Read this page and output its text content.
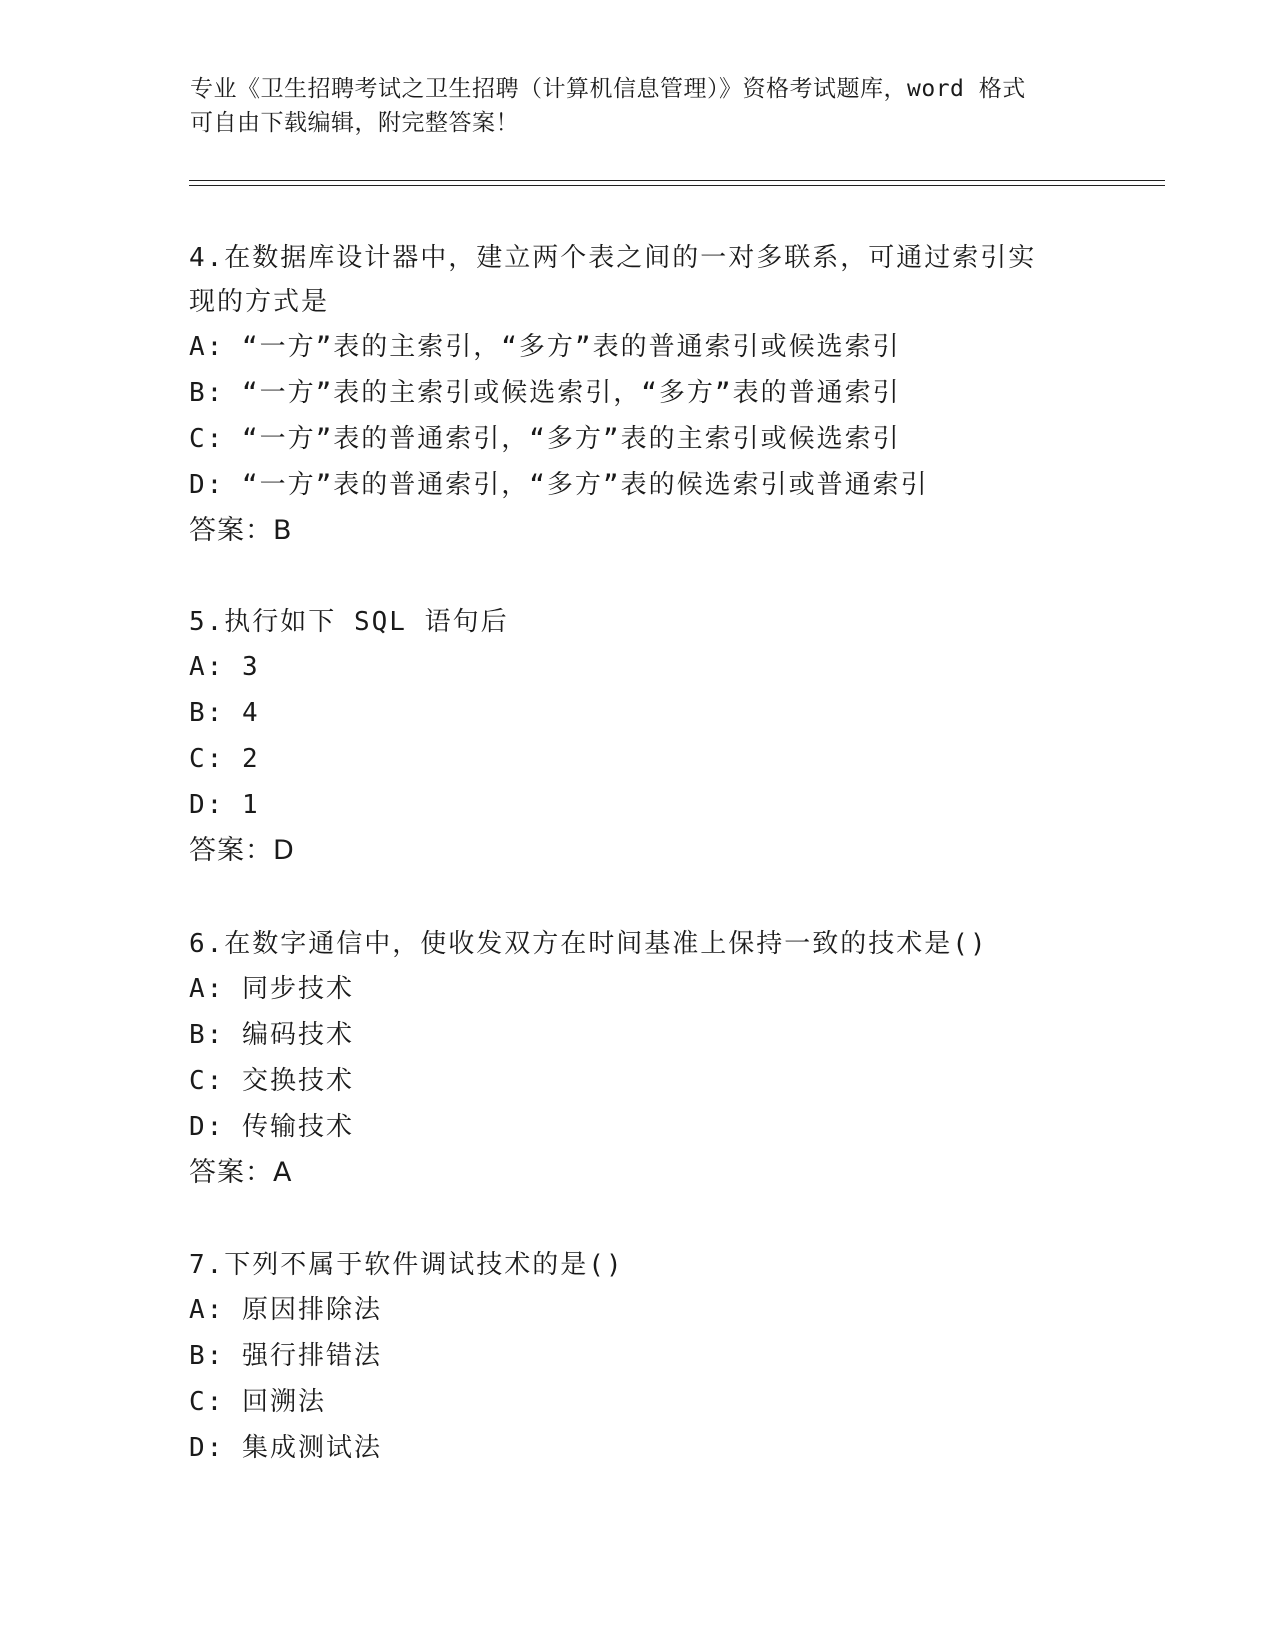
专业《卫生招聘考试之卫生招聘（计算机信息管理）》资格考试题库，word 格式
可自由下载编辑，附完整答案！
4.在数据库设计器中，建立两个表之间的一对多联系，可通过索引实
现的方式是
A: “一方”表的主索引，“多方”表的普通索引或候选索引
B: “一方”表的主索引或候选索引，“多方”表的普通索引
C: “一方”表的普通索引，“多方”表的主索引或候选索引
D: “一方”表的普通索引，“多方”表的候选索引或普通索引
答案：B
5.执行如下 SQL 语句后
A: 3
B: 4
C: 2
D: 1
答案：D
6.在数字通信中，使收发双方在时间基准上保持一致的技术是()
A: 同步技术
B: 编码技术
C: 交换技术
D: 传输技术
答案：A
7.下列不属于软件调试技术的是()
A: 原因排除法
B: 强行排错法
C: 回溯法
D: 集成测试法
